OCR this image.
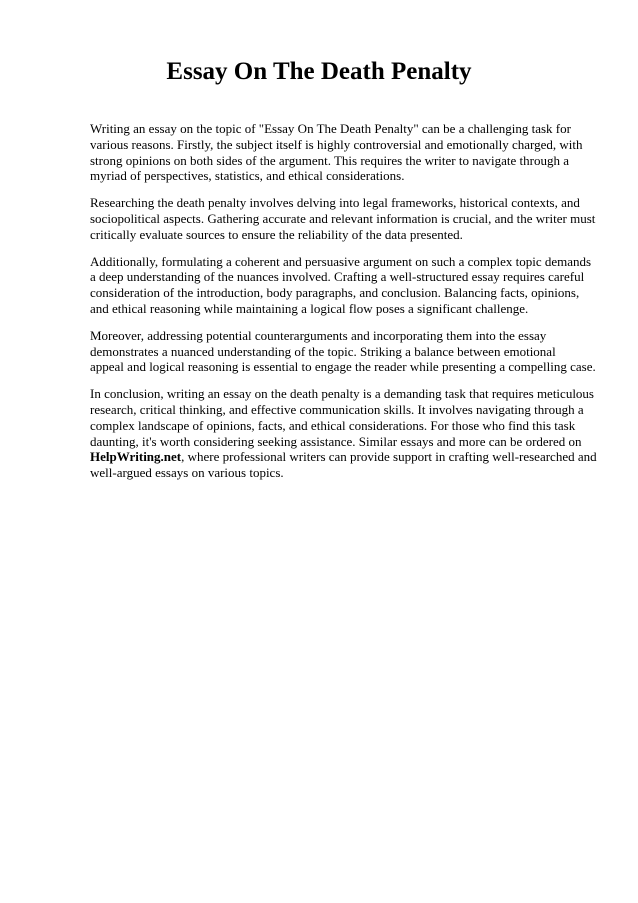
Essay On The Death Penalty

Writing an essay on the topic of "Essay On The Death Penalty" can be a challenging task for
various reasons. Firstly, the subject itself is highly controversial and emotionally charged, with
strong opinions on both sides of the argument. This requires the writer to navigate through a
myriad of perspectives, statistics, and ethical considerations.

Researching the death penalty involves delving into legal frameworks, historical contexts, and
sociopolitical aspects. Gathering accurate and relevant information is crucial, and the writer must
critically evaluate sources to ensure the reliability of the data presented.

Additionally, formulating a coherent and persuasive argument on such a complex topic demands
a deep understanding of the nuances involved. Crafting a well-structured essay requires careful
consideration of the introduction, body paragraphs, and conclusion. Balancing facts, opinions,
and ethical reasoning while maintaining a logical flow poses a significant challenge.

Moreover, addressing potential counterarguments and incorporating them into the essay
demonstrates a nuanced understanding of the topic. Striking a balance between emotional
appeal and logical reasoning is essential to engage the reader while presenting a compelling case.

In conclusion, writing an essay on the death penalty is a demanding task that requires meticulous
research, critical thinking, and effective communication skills. It involves navigating through a
complex landscape of opinions, facts, and ethical considerations. For those who find this task
daunting, it's worth considering seeking assistance. Similar essays and more can be ordered on
HelpWriting.net, where professional writers can provide support in crafting well-researched and
well-argued essays on various topics.
